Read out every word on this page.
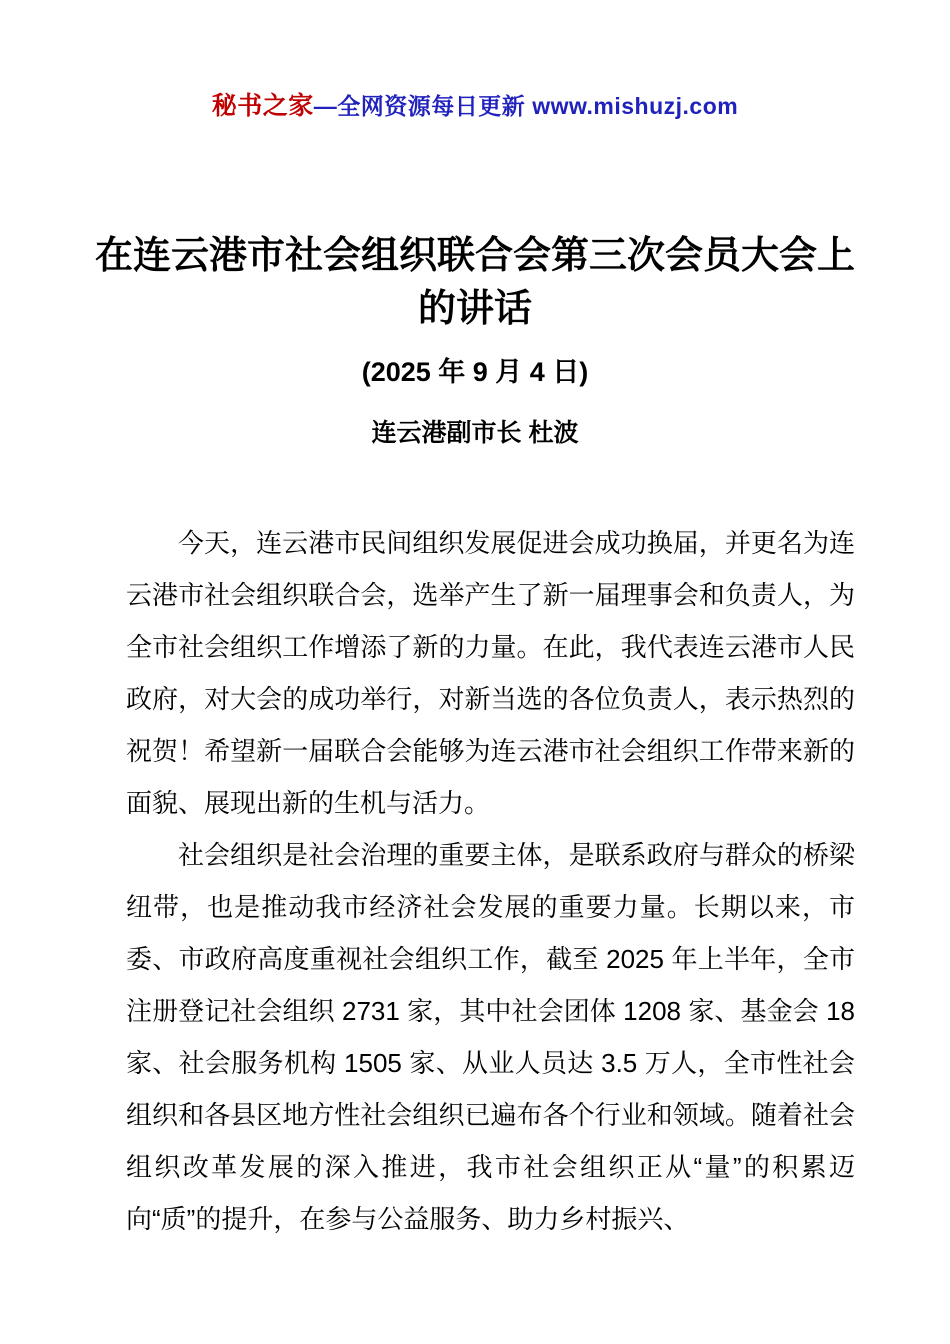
秘书之家—全网资源每日更新 www.mishuzj.com
在连云港市社会组织联合会第三次会员大会上的讲话
(2025 年 9 月 4 日)
连云港副市长 杜波

今天，连云港市民间组织发展促进会成功换届，并更名为连云港市社会组织联合会，选举产生了新一届理事会和负责人，为全市社会组织工作增添了新的力量。在此，我代表连云港市人民政府，对大会的成功举行，对新当选的各位负责人，表示热烈的祝贺！希望新一届联合会能够为连云港市社会组织工作带来新的面貌、展现出新的生机与活力。

社会组织是社会治理的重要主体，是联系政府与群众的桥梁纽带，也是推动我市经济社会发展的重要力量。长期以来，市委、市政府高度重视社会组织工作，截至 2025 年上半年，全市注册登记社会组织 2731 家，其中社会团体 1208 家、基金会 18 家、社会服务机构 1505 家、从业人员达 3.5 万人，全市性社会组织和各县区地方性社会组织已遍布各个行业和领域。随着社会组织改革发展的深入推进，我市社会组织正从“量”的积累迈向“质”的提升，在参与公益服务、助力乡村振兴、
